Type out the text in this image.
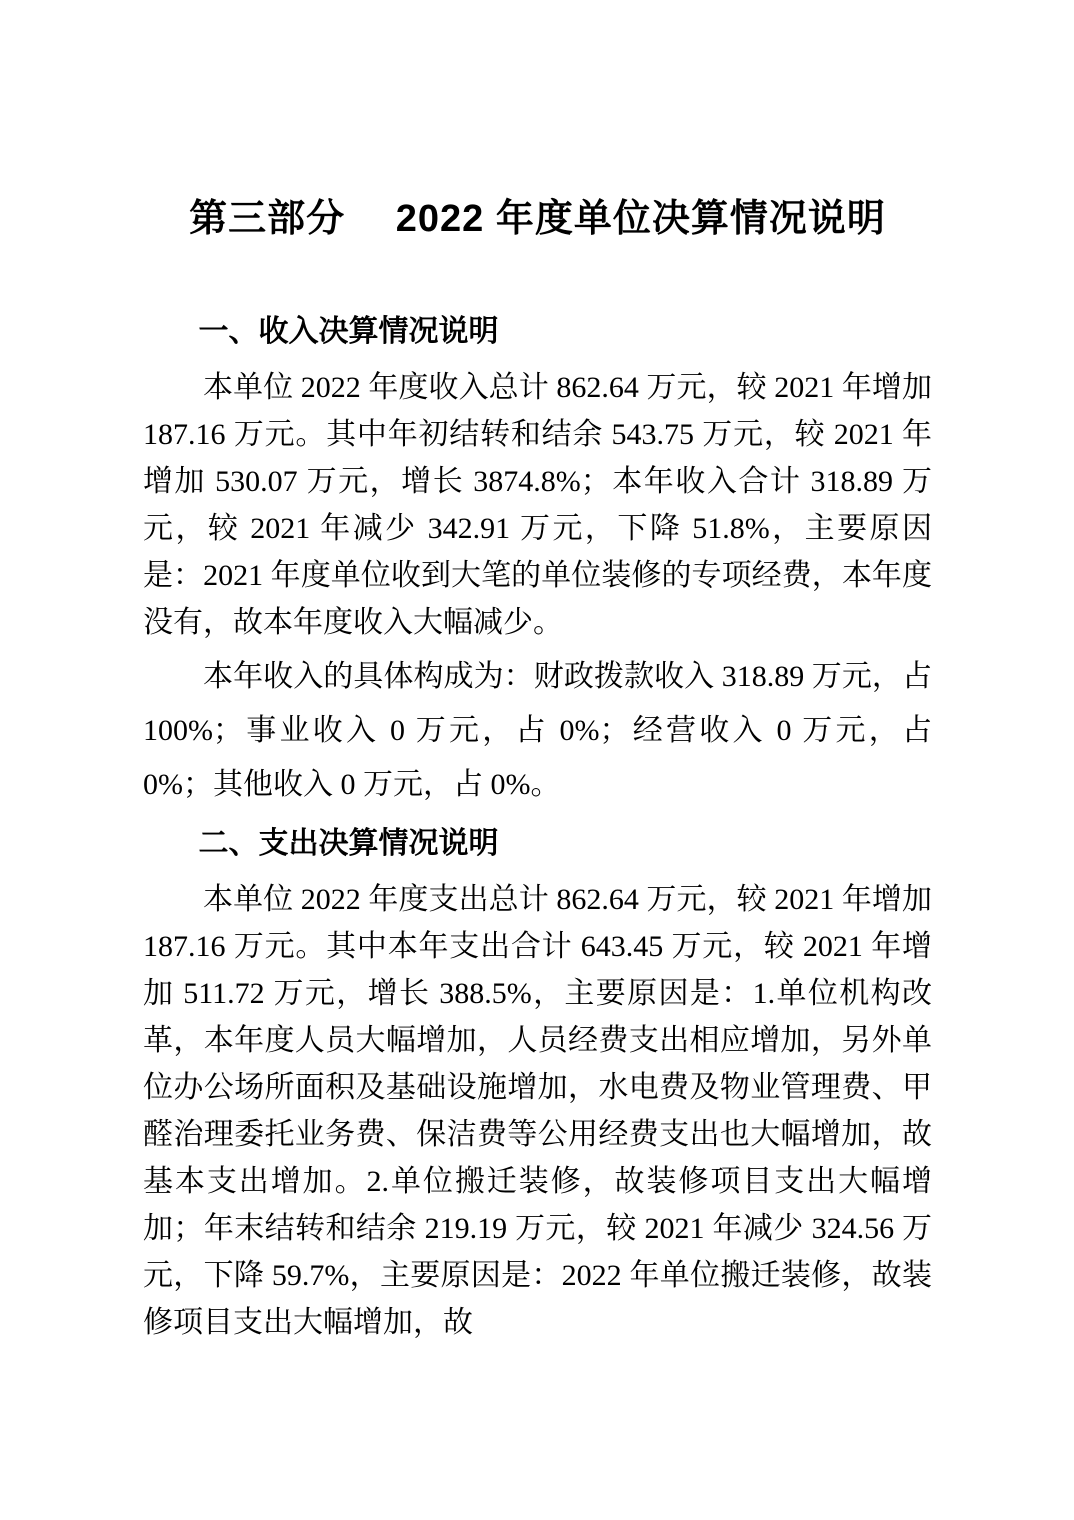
第三部分　 2022 年度单位决算情况说明
一、收入决算情况说明

本单位 2022 年度收入总计 862.64 万元，较 2021 年增加 187.16 万元。其中年初结转和结余 543.75 万元，较 2021 年增加 530.07 万元，增长 3874.8%；本年收入合计 318.89 万元，较 2021 年减少 342.91 万元，下降 51.8%，主要原因是：2021 年度单位收到大笔的单位装修的专项经费，本年度没有，故本年度收入大幅减少。

本年收入的具体构成为：财政拨款收入 318.89 万元，占 100%；事业收入 0 万元，占 0%；经营收入 0 万元，占 0%；其他收入 0 万元，占 0%。

二、支出决算情况说明

本单位 2022 年度支出总计 862.64 万元，较 2021 年增加 187.16 万元。其中本年支出合计 643.45 万元，较 2021 年增加 511.72 万元，增长 388.5%，主要原因是：1.单位机构改革，本年度人员大幅增加，人员经费支出相应增加，另外单位办公场所面积及基础设施增加，水电费及物业管理费、甲醛治理委托业务费、保洁费等公用经费支出也大幅增加，故基本支出增加。2.单位搬迁装修，故装修项目支出大幅增加；年末结转和结余 219.19 万元，较 2021 年减少 324.56 万元，下降 59.7%，主要原因是：2022 年单位搬迁装修，故装修项目支出大幅增加，故
